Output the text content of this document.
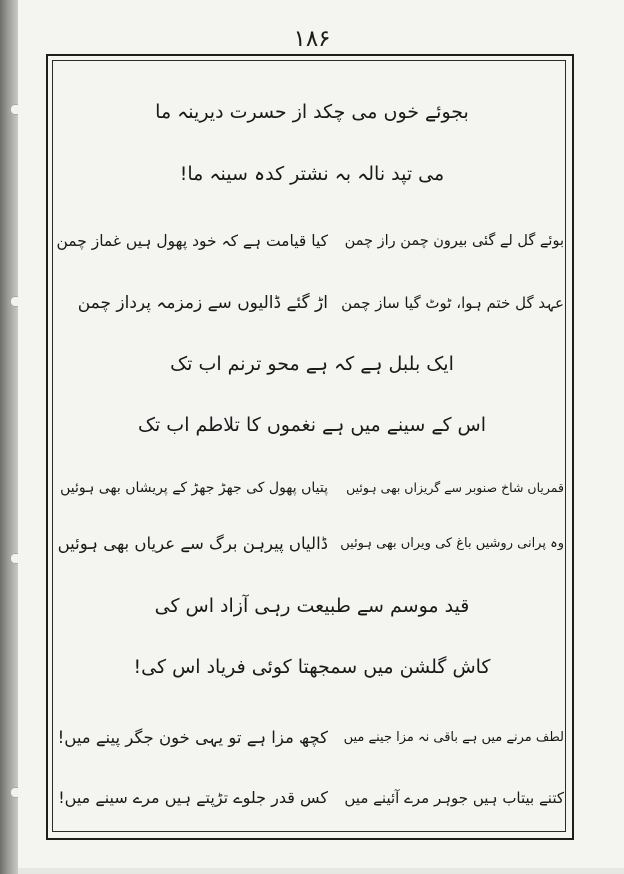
۱۸۶
بجوئے خوں می چکد از حسرت دیرینہ ما
می تپد نالہ بہ نشتر کدہ سینہ ما!
بوئے گل لے گئی بیرون چمن راز چمن
کیا قیامت ہے کہ خود پھول ہیں غماز چمن
عہد گل ختم ہوا، ٹوٹ گیا ساز چمن
اڑ گئے ڈالیوں سے زمزمہ پرداز چمن
ایک بلبل ہے کہ ہے محو ترنم اب تک
اس کے سینے میں ہے نغموں کا تلاطم اب تک
قمریاں شاخ صنوبر سے گریزاں بھی ہوئیں
پتیاں پھول کی جھڑ جھڑ کے پریشاں بھی ہوئیں
وہ پرانی روشیں باغ کی ویراں بھی ہوئیں
ڈالیاں پیرہن برگ سے عریاں بھی ہوئیں
قید موسم سے طبیعت رہی آزاد اس کی
کاش گلشن میں سمجھتا کوئی فریاد اس کی!
لطف مرنے میں ہے باقی نہ مزا جینے میں
کچھ مزا ہے تو یہی خون جگر پینے میں!
کتنے بیتاب ہیں جوہر مرے آئینے میں
کس قدر جلوے تڑپتے ہیں مرے سینے میں!
